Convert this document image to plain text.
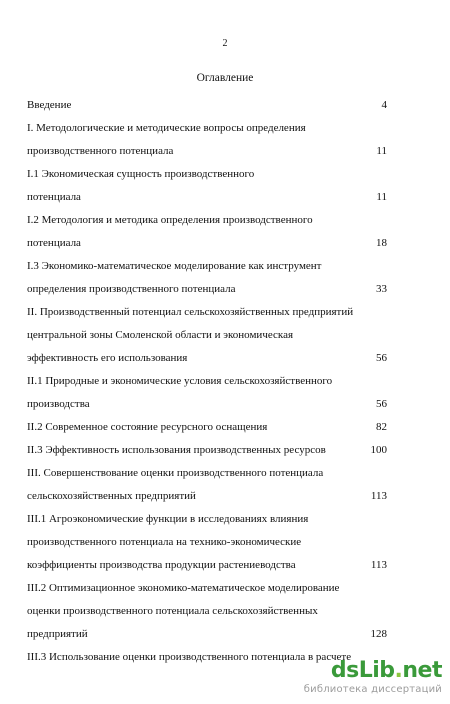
2
Оглавление
Введение	4
I. Методологические и методические вопросы определения
производственного потенциала	11
I.1 Экономическая сущность производственного
потенциала	11
I.2 Методология и методика определения производственного
потенциала	18
I.3 Экономико-математическое моделирование как инструмент
определения производственного потенциала	33
II. Производственный потенциал сельскохозяйственных предприятий
центральной зоны Смоленской области и экономическая
эффективность его использования	56
II.1 Природные и экономические условия сельскохозяйственного
производства	56
II.2 Современное состояние ресурсного оснащения	82
II.3 Эффективность использования производственных ресурсов	100
III. Совершенствование оценки производственного потенциала
сельскохозяйственных предприятий	113
III.1 Агроэкономические функции в исследованиях влияния
производственного потенциала на технико-экономические
коэффициенты производства продукции растениеводства	113
III.2 Оптимизационное экономико-математическое моделирование
оценки производственного потенциала сельскохозяйственных
предприятий	128
III.3 Использование оценки производственного потенциала в расчете
dsLib.net
библиотека диссертаций
